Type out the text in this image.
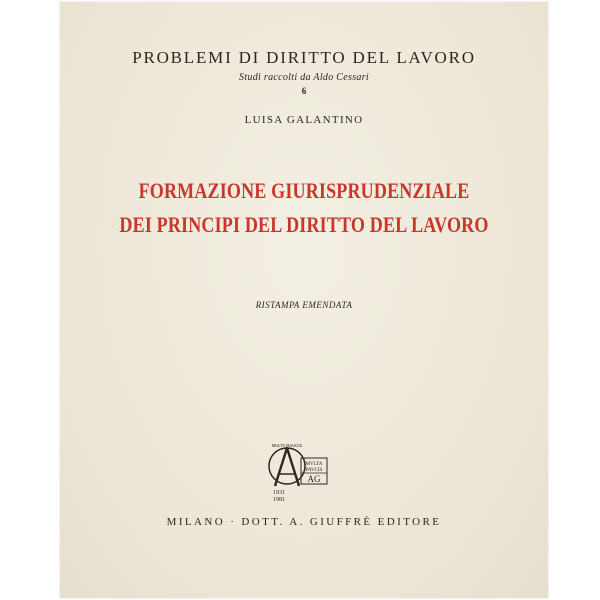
PROBLEMI DI DIRITTO DEL LAVORO
Studi raccolti da Aldo Cessari
6
LUISA GALANTINO
FORMAZIONE GIURISPRUDENZIALE
DEI PRINCIPI DEL DIRITTO DEL LAVORO
RISTAMPA EMENDATA
MULTA RAUCIS
MVLTA
PAVCIS
AG
1931
1981
MILANO · DOTT. A. GIUFFRÈ EDITORE
